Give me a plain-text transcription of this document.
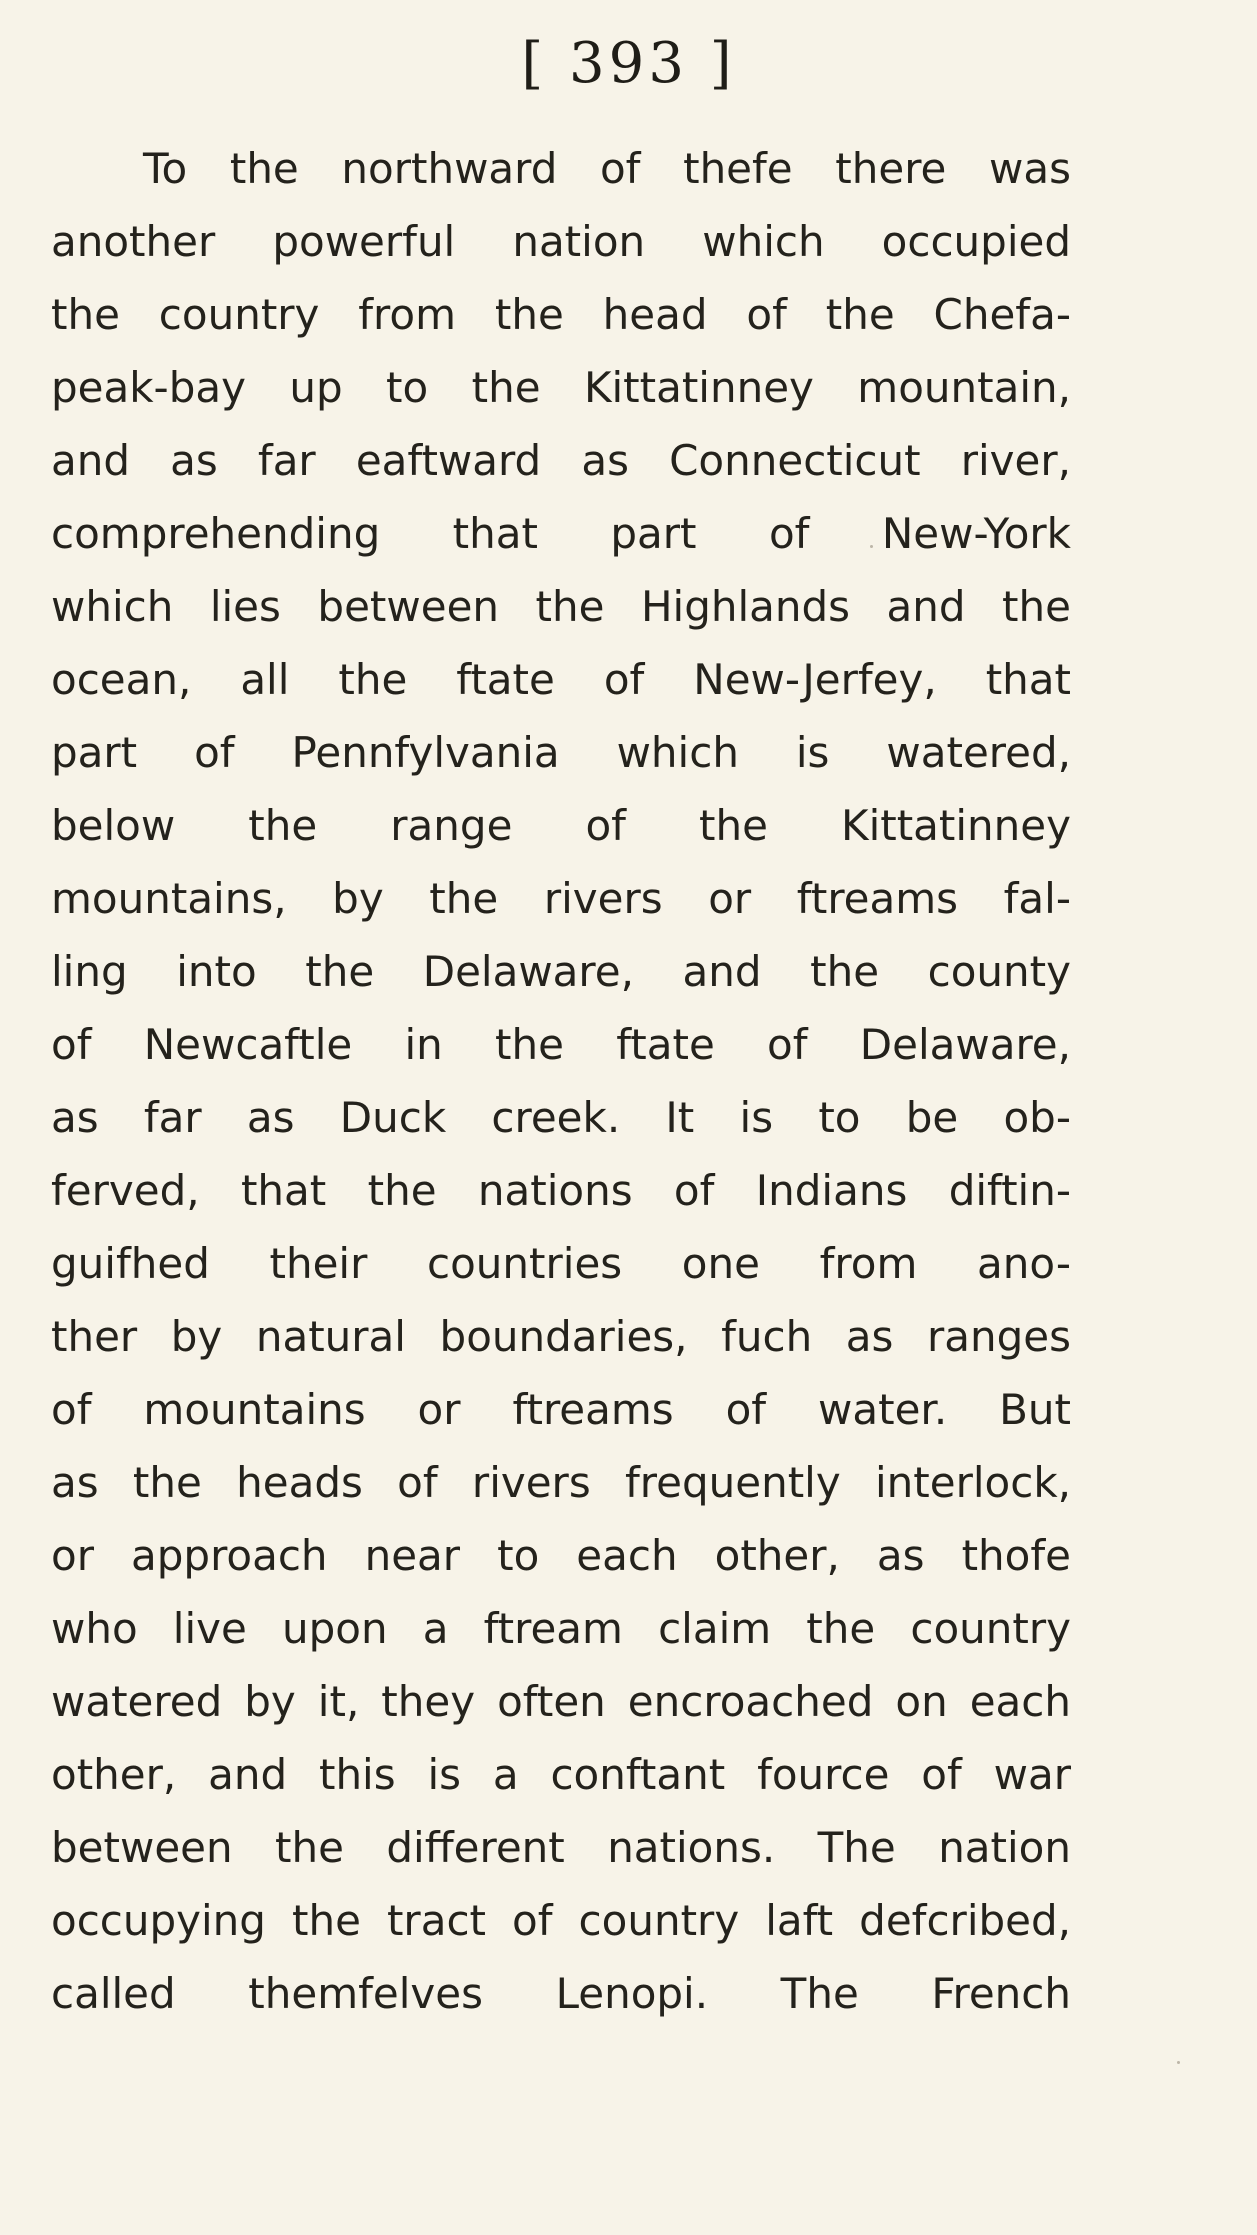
[ 393 ]
To the northward of thefe there was
another powerful nation which occupied
the country from the head of the Chefa-
peak-bay up to the Kittatinney mountain,
and as far eaftward as Connecticut river,
comprehending that part of New-York
which lies between the Highlands and the
ocean, all the ftate of New-Jerfey, that
part of Pennfylvania which is watered,
below the range of the Kittatinney
mountains, by the rivers or ftreams fal-
ling into the Delaware, and the county
of Newcaftle in the ftate of Delaware,
as far as Duck creek. It is to be ob-
ferved, that the nations of Indians diftin-
guifhed their countries one from ano-
ther by natural boundaries, fuch as ranges
of mountains or ftreams of water. But
as the heads of rivers frequently interlock,
or approach near to each other, as thofe
who live upon a ftream claim the country
watered by it, they often encroached on each
other, and this is a conftant fource of war
between the different nations. The nation
occupying the tract of country laft defcribed,
called themfelves Lenopi. The French
